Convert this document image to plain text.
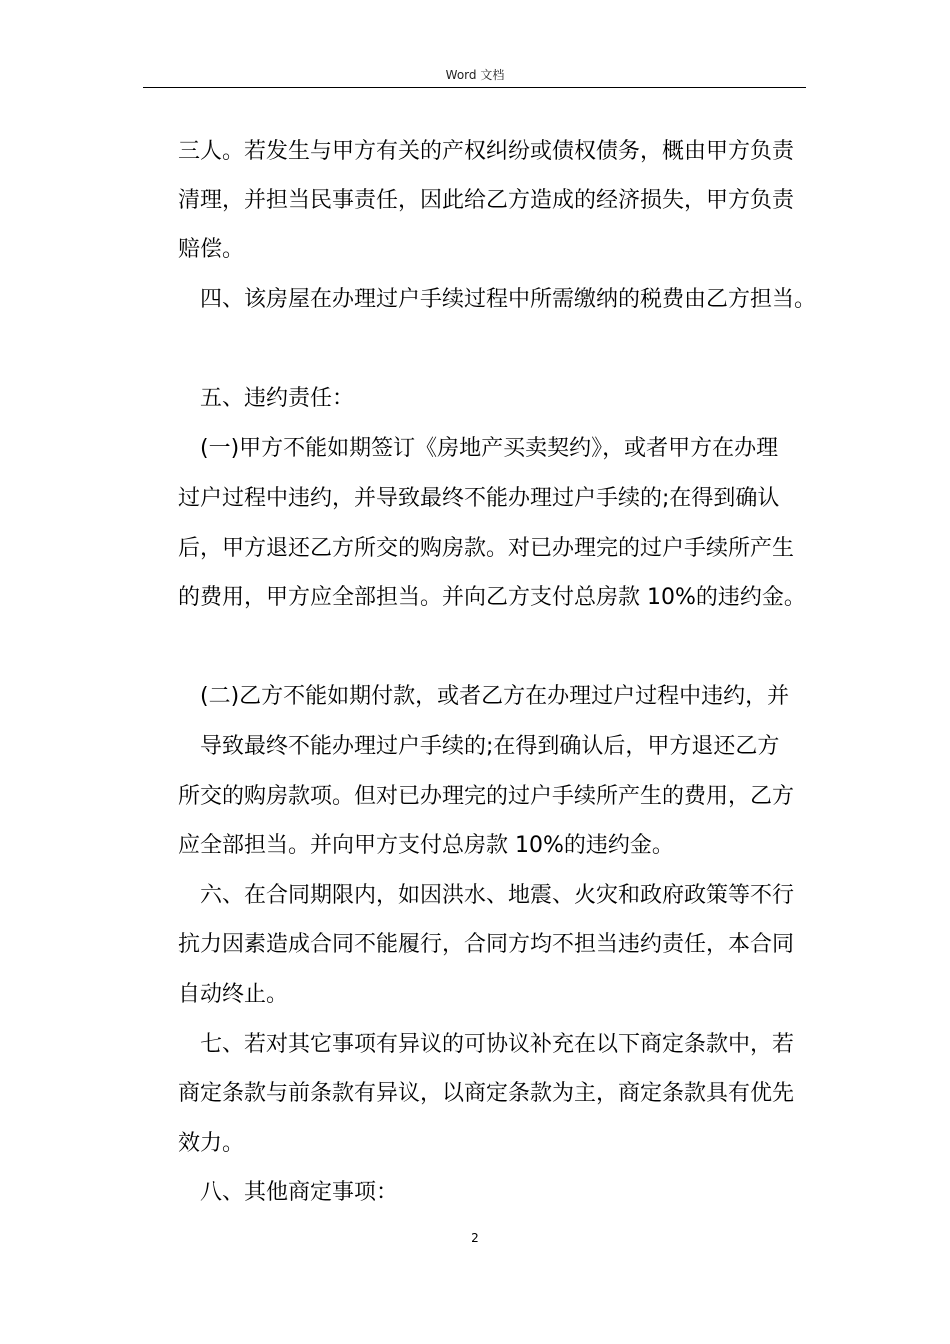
Word 文档
三人。若发生与甲方有关的产权纠纷或债权债务，概由甲方负责
清理，并担当民事责任，因此给乙方造成的经济损失，甲方负责
赔偿。
四、该房屋在办理过户手续过程中所需缴纳的税费由乙方担当。
五、违约责任：
(一)甲方不能如期签订《房地产买卖契约》，或者甲方在办理
过户过程中违约，并导致最终不能办理过户手续的;在得到确认
后，甲方退还乙方所交的购房款。对已办理完的过户手续所产生
的费用，甲方应全部担当。并向乙方支付总房款 10%的违约金。
(二)乙方不能如期付款，或者乙方在办理过户过程中违约，并
导致最终不能办理过户手续的;在得到确认后，甲方退还乙方
所交的购房款项。但对已办理完的过户手续所产生的费用，乙方
应全部担当。并向甲方支付总房款 10%的违约金。
六、在合同期限内，如因洪水、地震、火灾和政府政策等不行
抗力因素造成合同不能履行，合同方均不担当违约责任，本合同
自动终止。
七、若对其它事项有异议的可协议补充在以下商定条款中，若
商定条款与前条款有异议，以商定条款为主，商定条款具有优先
效力。
八、其他商定事项：
2
